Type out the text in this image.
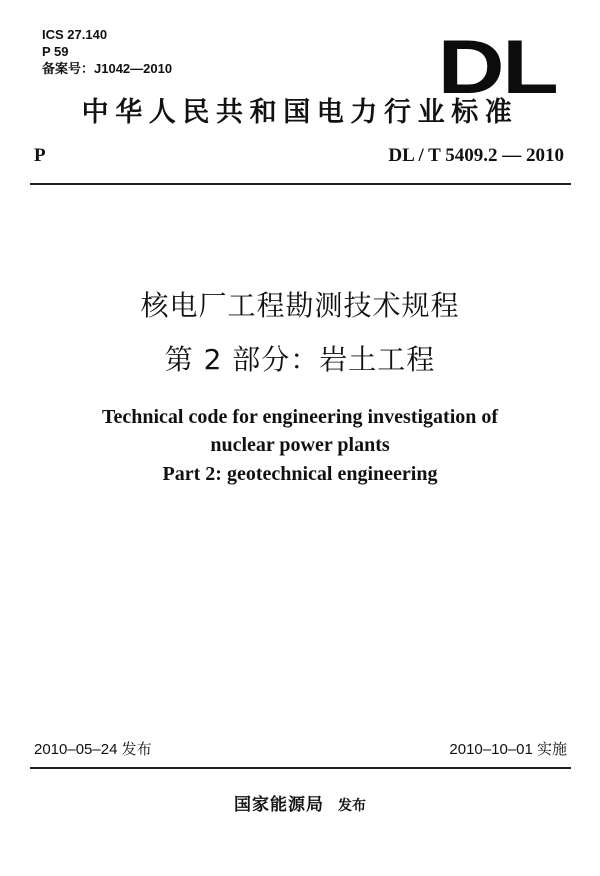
ICS 27.140
P 59
备案号：J1042—2010	DL
中华人民共和国电力行业标准
P	DL / T 5409.2 — 2010
核电厂工程勘测技术规程
第 2 部分：岩土工程
Technical code for engineering investigation of
nuclear power plants
Part 2: geotechnical engineering
2010–05–24 发布	2010–10–01 实施
国家能源局 发布
